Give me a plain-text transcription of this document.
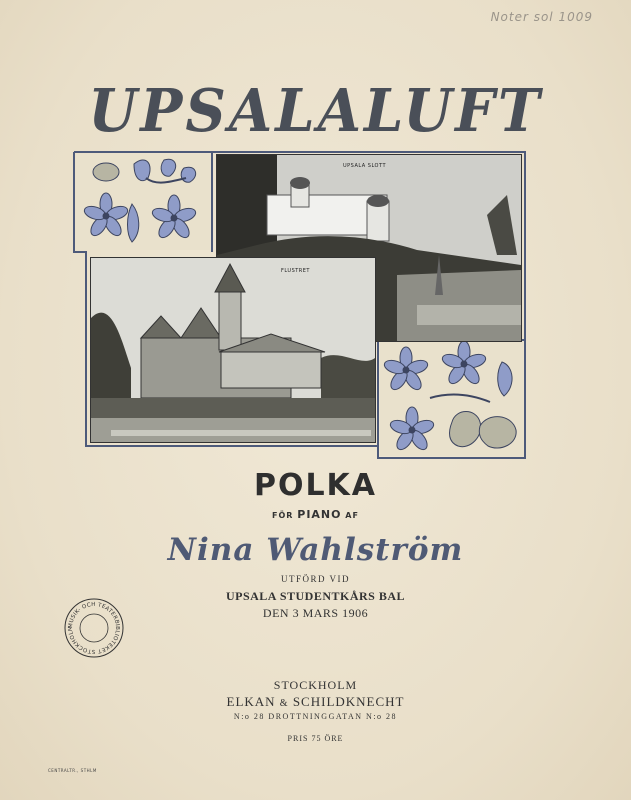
Noter sol 1009
UPSALALUFT
UPSALA SLOTT
FLUSTRET
POLKA
FÖR PIANO AF
Nina Wahlström
UTFÖRD VID
UPSALA STUDENTKÅRS BAL
DEN 3 MARS 1906
MUSIK- OCH TEATERBIBLIOTEKET STOCKHOLM
STOCKHOLM
ELKAN & SCHILDKNECHT
N:o 28 DROTTNINGGATAN N:o 28
PRIS 75 ÖRE
CENTRALTR., STHLM
